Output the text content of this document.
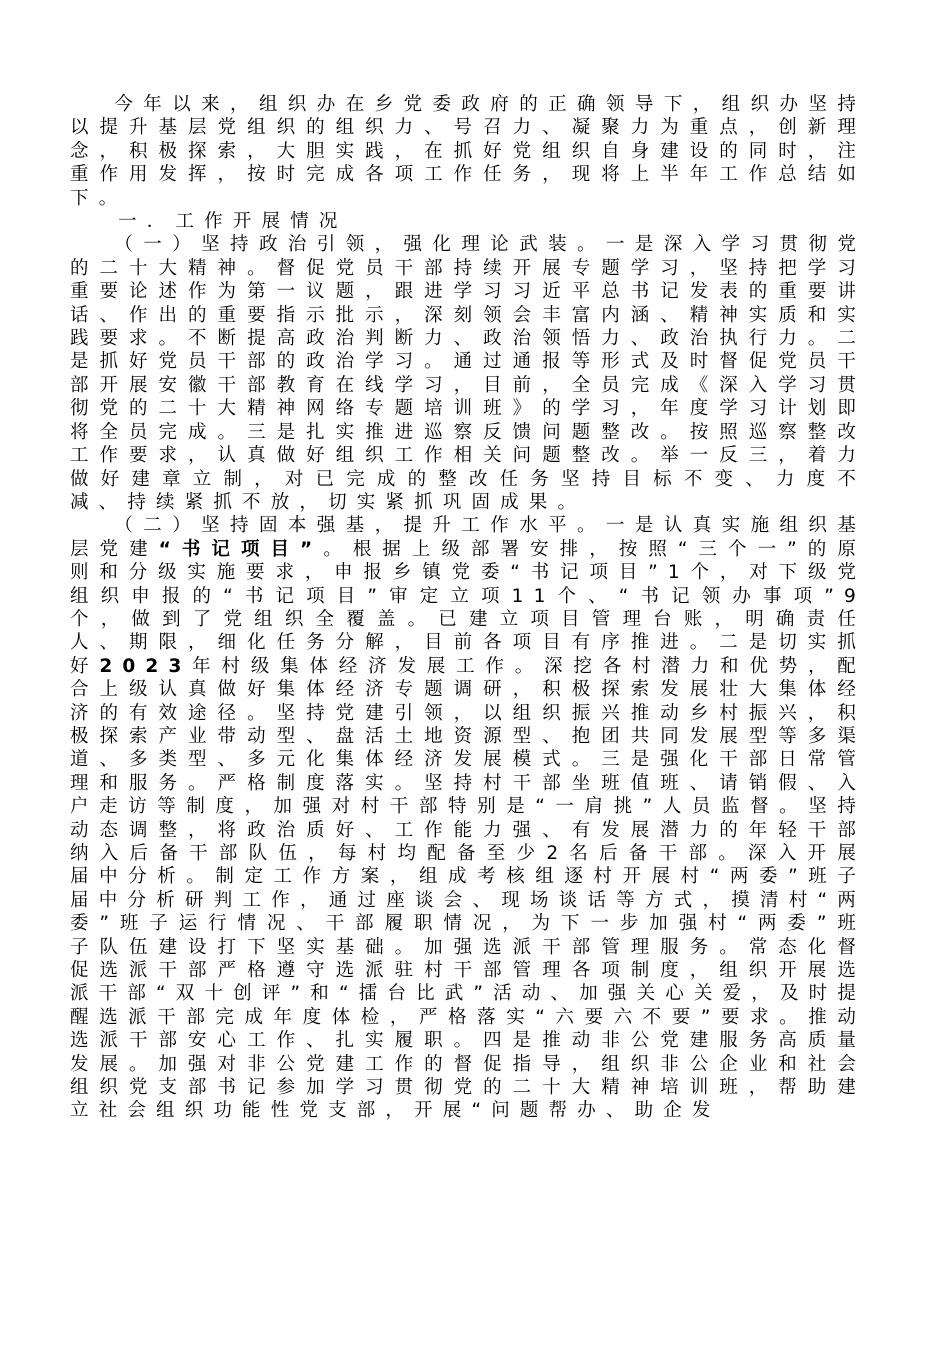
今年以来，组织办在乡党委政府的正确领导下，组织办坚持以提升基层党组织的组织力、号召力、凝聚力为重点，创新理念，积极探索，大胆实践，在抓好党组织自身建设的同时，注重作用发挥，按时完成各项工作任务，现将上半年工作总结如下。

一．工作开展情况

（一）坚持政治引领，强化理论武装。一是深入学习贯彻党的二十大精神。督促党员干部持续开展专题学习，坚持把学习重要论述作为第一议题，跟进学习习近平总书记发表的重要讲话、作出的重要指示批示，深刻领会丰富内涵、精神实质和实践要求。不断提高政治判断力、政治领悟力、政治执行力。二是抓好党员干部的政治学习。通过通报等形式及时督促党员干部开展安徽干部教育在线学习，目前，全员完成《深入学习贯彻党的二十大精神网络专题培训班》的学习，年度学习计划即将全员完成。三是扎实推进巡察反馈问题整改。按照巡察整改工作要求，认真做好组织工作相关问题整改。举一反三，着力做好建章立制，对已完成的整改任务坚持目标不变、力度不减、持续紧抓不放，切实紧抓巩固成果。

（二）坚持固本强基，提升工作水平。一是认真实施组织基层党建“书记项目”。根据上级部署安排，按照“三个一”的原则和分级实施要求，申报乡镇党委“书记项目”1个，对下级党组织申报的“书记项目”审定立项11个、“书记领办事项”9个，做到了党组织全覆盖。已建立项目管理台账，明确责任人、期限，细化任务分解，目前各项目有序推进。二是切实抓好2023年村级集体经济发展工作。深挖各村潜力和优势，配合上级认真做好集体经济专题调研，积极探索发展壮大集体经济的有效途径。坚持党建引领，以组织振兴推动乡村振兴，积极探索产业带动型、盘活土地资源型、抱团共同发展型等多渠道、多类型、多元化集体经济发展模式。三是强化干部日常管理和服务。严格制度落实。坚持村干部坐班值班、请销假、入户走访等制度，加强对村干部特别是“一肩挑”人员监督。坚持动态调整，将政治质好、工作能力强、有发展潜力的年轻干部纳入后备干部队伍，每村均配备至少2名后备干部。深入开展届中分析。制定工作方案，组成考核组逐村开展村“两委”班子届中分析研判工作，通过座谈会、现场谈话等方式，摸清村“两委”班子运行情况、干部履职情况，为下一步加强村“两委”班子队伍建设打下坚实基础。加强选派干部管理服务。常态化督促选派干部严格遵守选派驻村干部管理各项制度，组织开展选派干部“双十创评”和“擂台比武”活动、加强关心关爱，及时提醒选派干部完成年度体检，严格落实“六要六不要”要求。推动选派干部安心工作、扎实履职。四是推动非公党建服务高质量发展。加强对非公党建工作的督促指导，组织非公企业和社会组织党支部书记参加学习贯彻党的二十大精神培训班，帮助建立社会组织功能性党支部，开展“问题帮办、助企发
